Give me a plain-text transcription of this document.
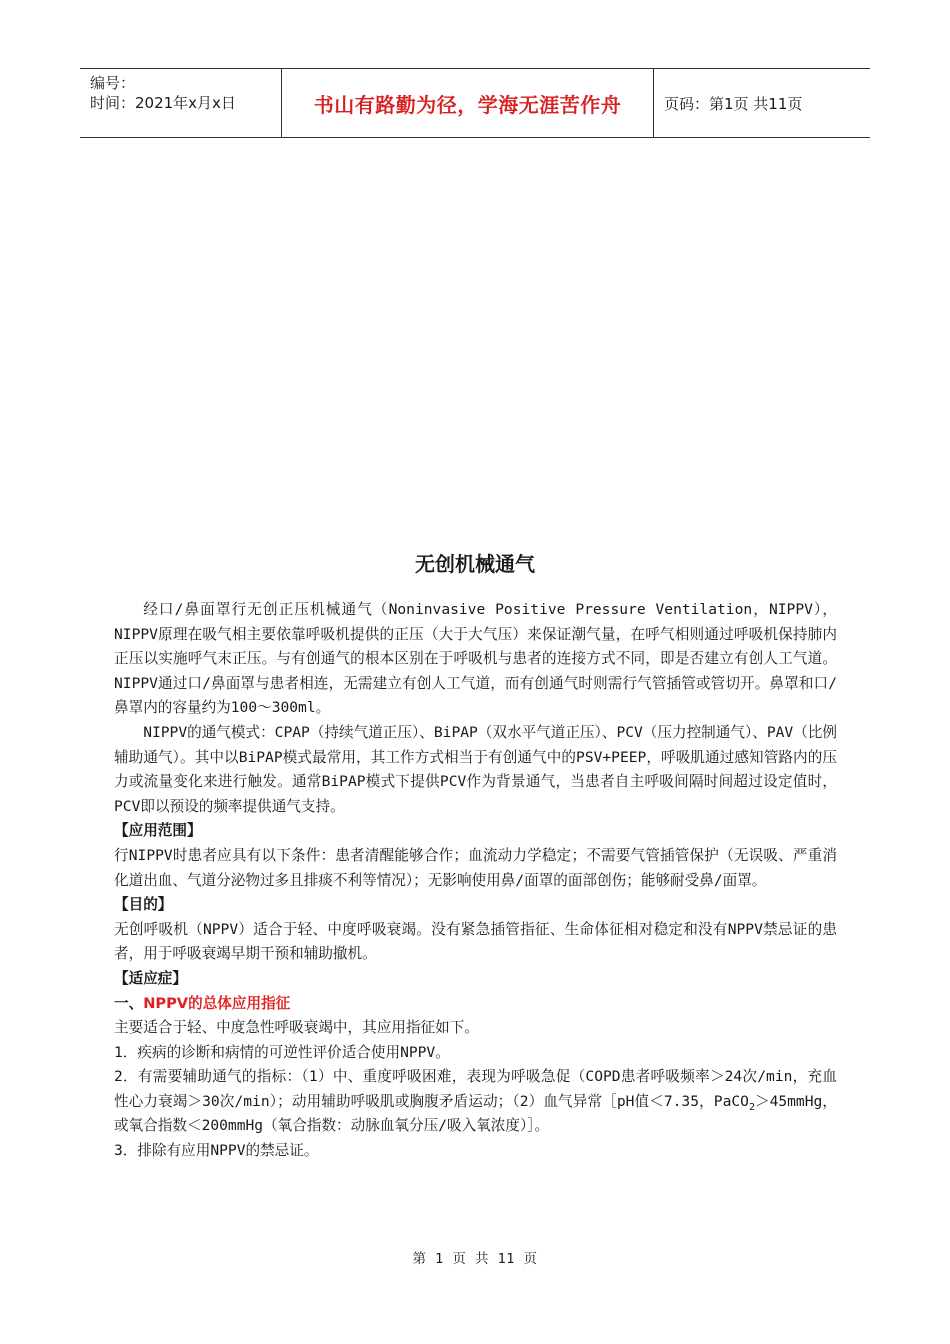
编号：
时间：2021年x月x日	书山有路勤为径，学海无涯苦作舟	页码：第1页 共11页
无创机械通气

经口/鼻面罩行无创正压机械通气（Noninvasive Positive Pressure Ventilation，NIPPV），NIPPV原理在吸气相主要依靠呼吸机提供的正压（大于大气压）来保证潮气量，在呼气相则通过呼吸机保持肺内正压以实施呼气末正压。与有创通气的根本区别在于呼吸机与患者的连接方式不同，即是否建立有创人工气道。NIPPV通过口/鼻面罩与患者相连，无需建立有创人工气道，而有创通气时则需行气管插管或管切开。鼻罩和口/鼻罩内的容量约为100～300ml。

NIPPV的通气模式：CPAP（持续气道正压）、BiPAP（双水平气道正压）、PCV（压力控制通气）、PAV（比例辅助通气）。其中以BiPAP模式最常用，其工作方式相当于有创通气中的PSV+PEEP，呼吸肌通过感知管路内的压力或流量变化来进行触发。通常BiPAP模式下提供PCV作为背景通气，当患者自主呼吸间隔时间超过设定值时，PCV即以预设的频率提供通气支持。

【应用范围】

行NIPPV时患者应具有以下条件：患者清醒能够合作；血流动力学稳定；不需要气管插管保护（无误吸、严重消化道出血、气道分泌物过多且排痰不利等情况）；无影响使用鼻/面罩的面部创伤；能够耐受鼻/面罩。

【目的】

无创呼吸机（NPPV）适合于轻、中度呼吸衰竭。没有紧急插管指征、生命体征相对稳定和没有NPPV禁忌证的患者，用于呼吸衰竭早期干预和辅助撤机。

【适应症】

一、NPPV的总体应用指征

主要适合于轻、中度急性呼吸衰竭中，其应用指征如下。

1．疾病的诊断和病情的可逆性评价适合使用NPPV。

2．有需要辅助通气的指标：（1）中、重度呼吸困难，表现为呼吸急促（COPD患者呼吸频率＞24次/min，充血性心力衰竭＞30次/min）；动用辅助呼吸肌或胸腹矛盾运动；（2）血气异常［pH值＜7.35，PaCO$_2$＞45mmHg，或氧合指数＜200mmHg（氧合指数：动脉血氧分压/吸入氧浓度）］。

3．排除有应用NPPV的禁忌证。

第 1 页 共 11 页
